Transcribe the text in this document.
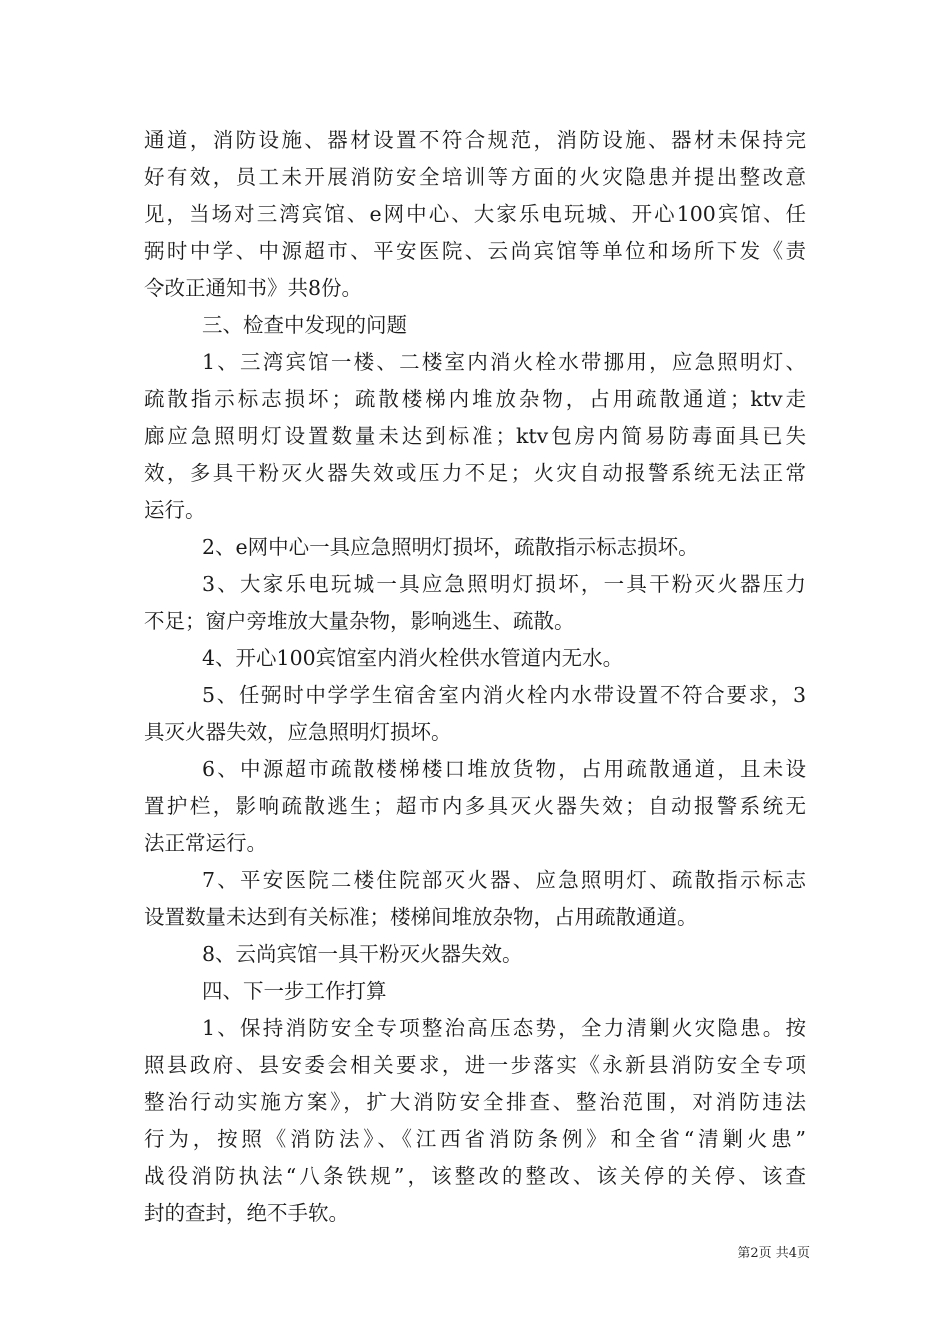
通道，消防设施、器材设置不符合规范，消防设施、器材未保持完
好有效，员工未开展消防安全培训等方面的火灾隐患并提出整改意
见，当场对三湾宾馆、e网中心、大家乐电玩城、开心100宾馆、任
弼时中学、中源超市、平安医院、云尚宾馆等单位和场所下发《责
令改正通知书》共8份。
三、检查中发现的问题
1、三湾宾馆一楼、二楼室内消火栓水带挪用，应急照明灯、
疏散指示标志损坏；疏散楼梯内堆放杂物，占用疏散通道；ktv走
廊应急照明灯设置数量未达到标准；ktv包房内简易防毒面具已失
效，多具干粉灭火器失效或压力不足；火灾自动报警系统无法正常
运行。
2、e网中心一具应急照明灯损坏，疏散指示标志损坏。
3、大家乐电玩城一具应急照明灯损坏，一具干粉灭火器压力
不足；窗户旁堆放大量杂物，影响逃生、疏散。
4、开心100宾馆室内消火栓供水管道内无水。
5、任弼时中学学生宿舍室内消火栓内水带设置不符合要求，3
具灭火器失效，应急照明灯损坏。
6、中源超市疏散楼梯楼口堆放货物，占用疏散通道，且未设
置护栏，影响疏散逃生；超市内多具灭火器失效；自动报警系统无
法正常运行。
7、平安医院二楼住院部灭火器、应急照明灯、疏散指示标志
设置数量未达到有关标准；楼梯间堆放杂物，占用疏散通道。
8、云尚宾馆一具干粉灭火器失效。
四、下一步工作打算
1、保持消防安全专项整治高压态势，全力清剿火灾隐患。按
照县政府、县安委会相关要求，进一步落实《永新县消防安全专项
整治行动实施方案》，扩大消防安全排查、整治范围，对消防违法
行为，按照《消防法》、《江西省消防条例》和全省“清剿火患”
战役消防执法“八条铁规”，该整改的整改、该关停的关停、该查
封的查封，绝不手软。
第2页 共4页
